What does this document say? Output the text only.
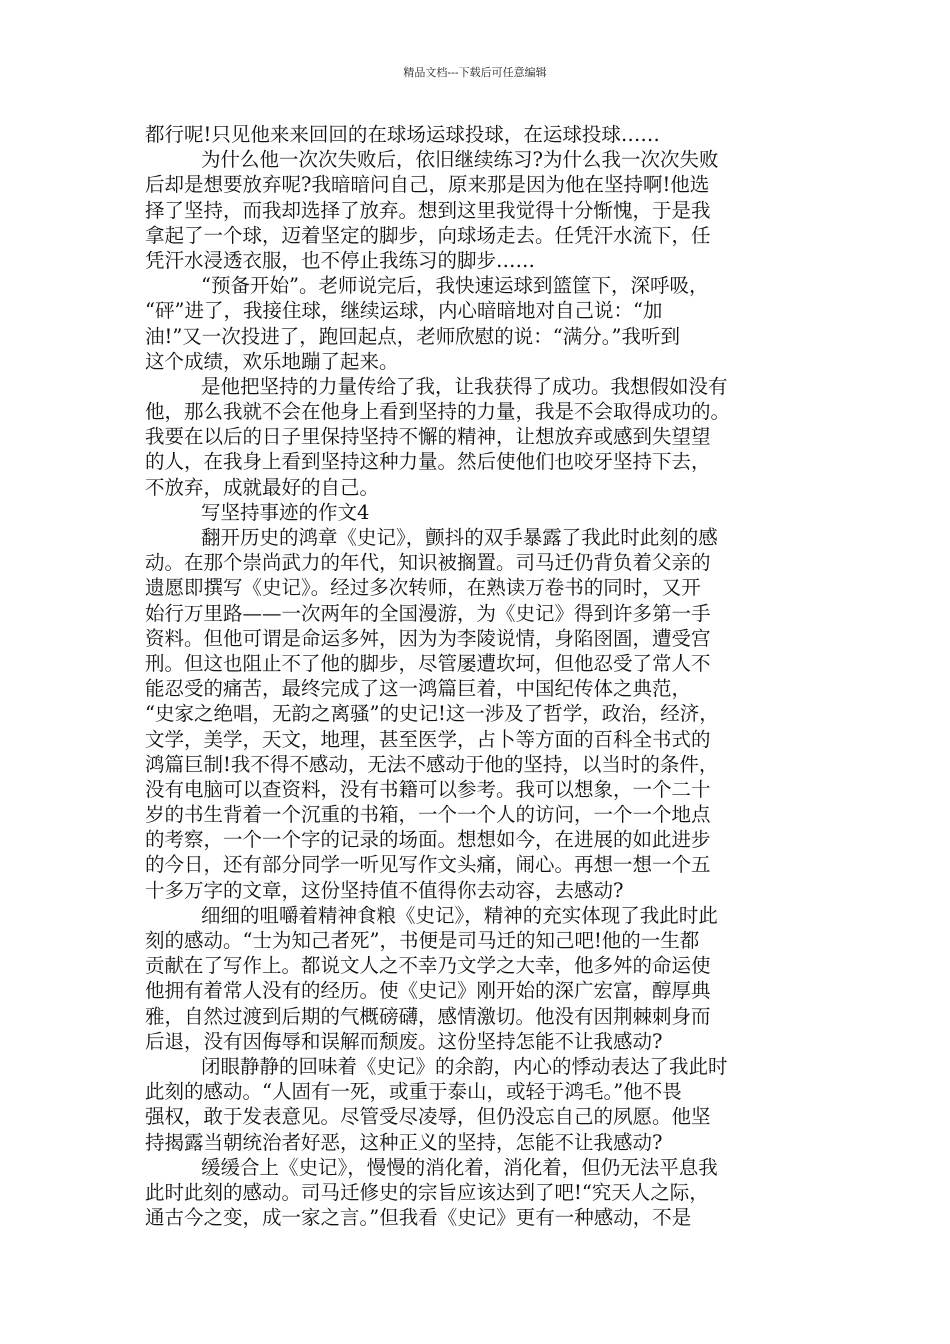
精品文档---下载后可任意编辑
都行呢!只见他来来回回的在球场运球投球，在运球投球……
为什么他一次次失败后，依旧继续练习?为什么我一次次失败
后却是想要放弃呢?我暗暗问自己，原来那是因为他在坚持啊!他选
择了坚持，而我却选择了放弃。想到这里我觉得十分惭愧，于是我
拿起了一个球，迈着坚定的脚步，向球场走去。任凭汗水流下，任
凭汗水浸透衣服，也不停止我练习的脚步……
“预备开始”。老师说完后，我快速运球到篮筐下，深呼吸，
“砰”进了，我接住球，继续运球，内心暗暗地对自己说：“加
油!”又一次投进了，跑回起点，老师欣慰的说：“满分。”我听到
这个成绩，欢乐地蹦了起来。
是他把坚持的力量传给了我，让我获得了成功。我想假如没有
他，那么我就不会在他身上看到坚持的力量，我是不会取得成功的。
我要在以后的日子里保持坚持不懈的精神，让想放弃或感到失望望
的人，在我身上看到坚持这种力量。然后使他们也咬牙坚持下去，
不放弃，成就最好的自己。
写坚持事迹的作文4
翻开历史的鸿章《史记》，颤抖的双手暴露了我此时此刻的感
动。在那个崇尚武力的年代，知识被搁置。司马迁仍背负着父亲的
遗愿即撰写《史记》。经过多次转师，在熟读万卷书的同时，又开
始行万里路——一次两年的全国漫游，为《史记》得到许多第一手
资料。但他可谓是命运多舛，因为为李陵说情，身陷囹圄，遭受宫
刑。但这也阻止不了他的脚步，尽管屡遭坎坷，但他忍受了常人不
能忍受的痛苦，最终完成了这一鸿篇巨着，中国纪传体之典范，
“史家之绝唱，无韵之离骚”的史记!这一涉及了哲学，政治，经济，
文学，美学，天文，地理，甚至医学，占卜等方面的百科全书式的
鸿篇巨制!我不得不感动，无法不感动于他的坚持，以当时的条件，
没有电脑可以查资料，没有书籍可以参考。我可以想象，一个二十
岁的书生背着一个沉重的书箱，一个一个人的访问，一个一个地点
的考察，一个一个字的记录的场面。想想如今，在进展的如此进步
的今日，还有部分同学一听见写作文头痛，闹心。再想一想一个五
十多万字的文章，这份坚持值不值得你去动容，去感动?
细细的咀嚼着精神食粮《史记》，精神的充实体现了我此时此
刻的感动。“士为知己者死”，书便是司马迁的知己吧!他的一生都
贡献在了写作上。都说文人之不幸乃文学之大幸，他多舛的命运使
他拥有着常人没有的经历。使《史记》刚开始的深广宏富，醇厚典
雅，自然过渡到后期的气概磅礴，感情激切。他没有因荆棘刺身而
后退，没有因侮辱和误解而颓废。这份坚持怎能不让我感动?
闭眼静静的回味着《史记》的余韵，内心的悸动表达了我此时
此刻的感动。“人固有一死，或重于泰山，或轻于鸿毛。”他不畏
强权，敢于发表意见。尽管受尽凌辱，但仍没忘自己的夙愿。他坚
持揭露当朝统治者好恶，这种正义的坚持，怎能不让我感动?
缓缓合上《史记》，慢慢的消化着，消化着，但仍无法平息我
此时此刻的感动。司马迁修史的宗旨应该达到了吧!“究天人之际，
通古今之变，成一家之言。”但我看《史记》更有一种感动，不是
